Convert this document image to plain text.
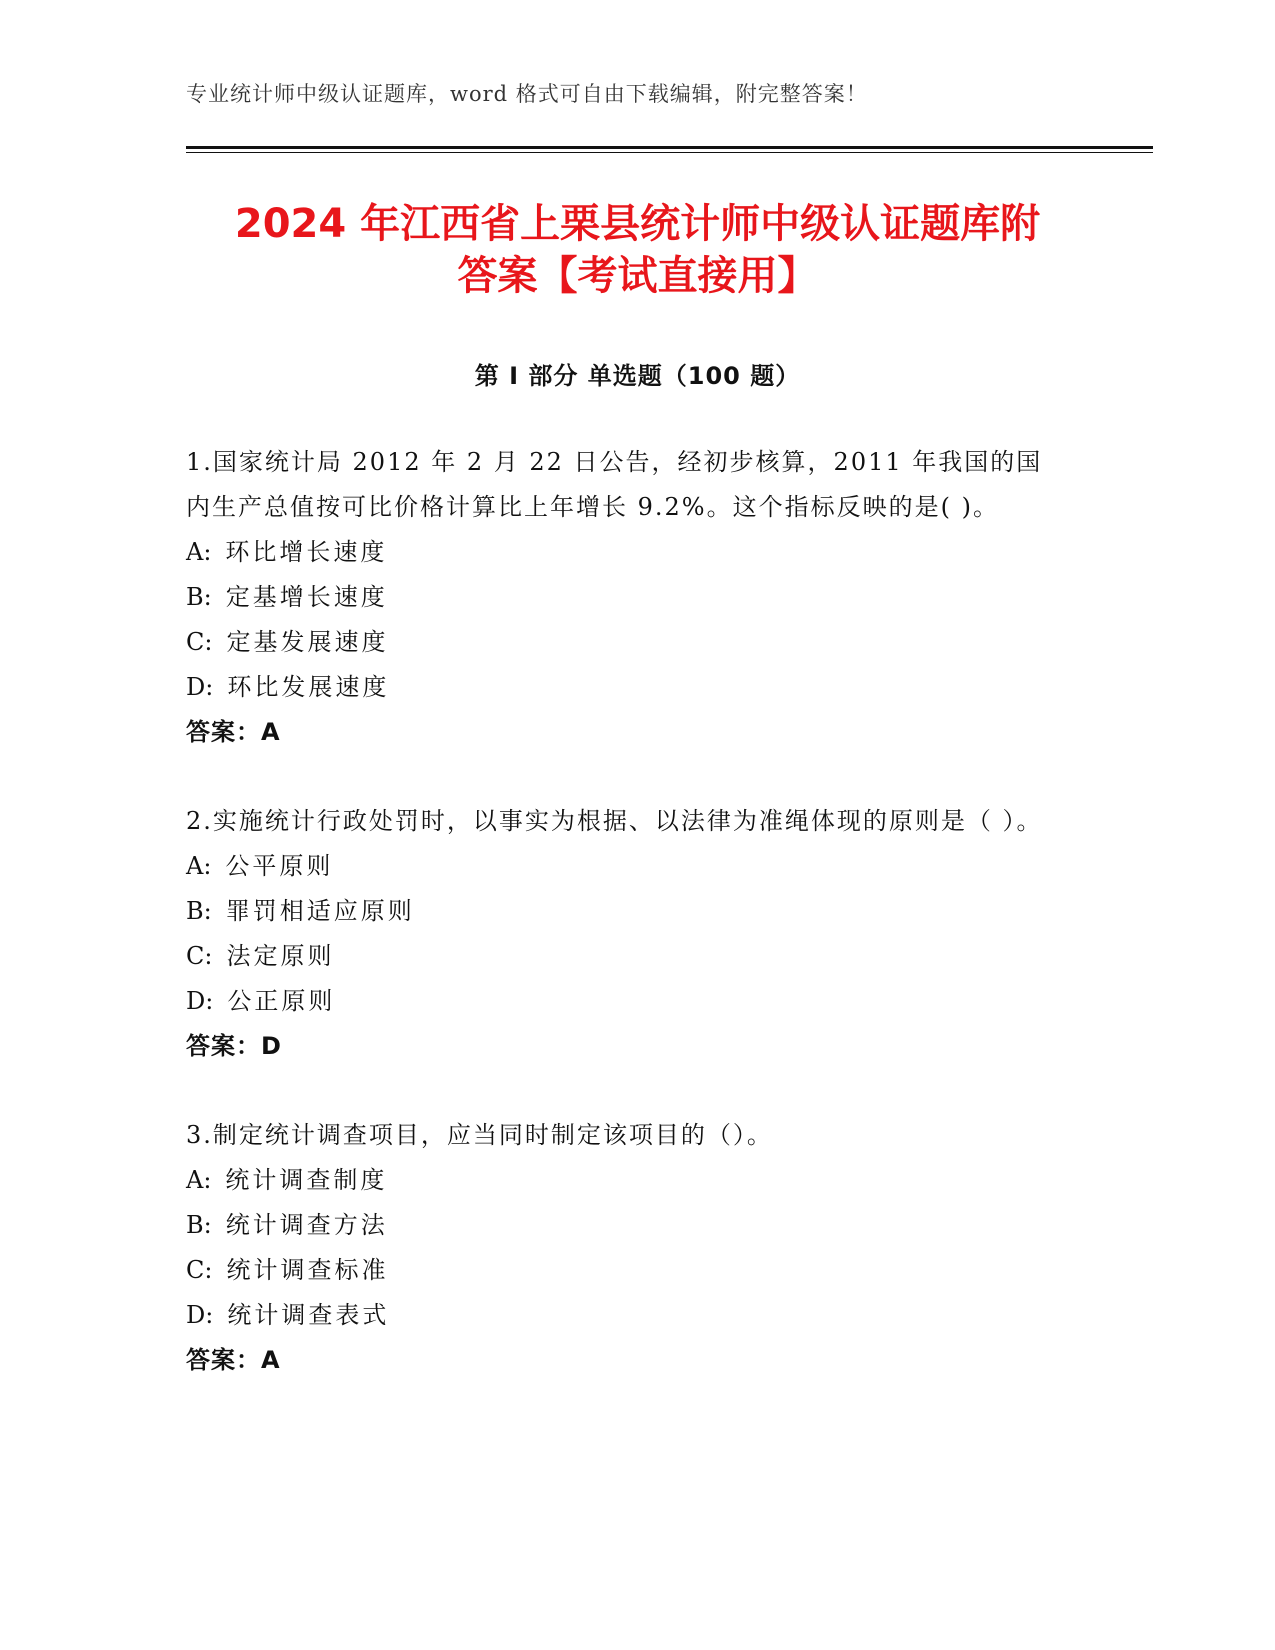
专业统计师中级认证题库，word 格式可自由下载编辑，附完整答案！
2024 年江西省上栗县统计师中级认证题库附
答案【考试直接用】
第 I 部分 单选题（100 题）
1.国家统计局 2012 年 2 月 22 日公告，经初步核算，2011 年我国的国内生产总值按可比价格计算比上年增长 9.2%。这个指标反映的是( )。
A: 环比增长速度
B: 定基增长速度
C: 定基发展速度
D: 环比发展速度
答案：A
2.实施统计行政处罚时，以事实为根据、以法律为准绳体现的原则是（ ）。
A: 公平原则
B: 罪罚相适应原则
C: 法定原则
D: 公正原则
答案：D
3.制定统计调查项目，应当同时制定该项目的（）。
A: 统计调查制度
B: 统计调查方法
C: 统计调查标准
D: 统计调查表式
答案：A
